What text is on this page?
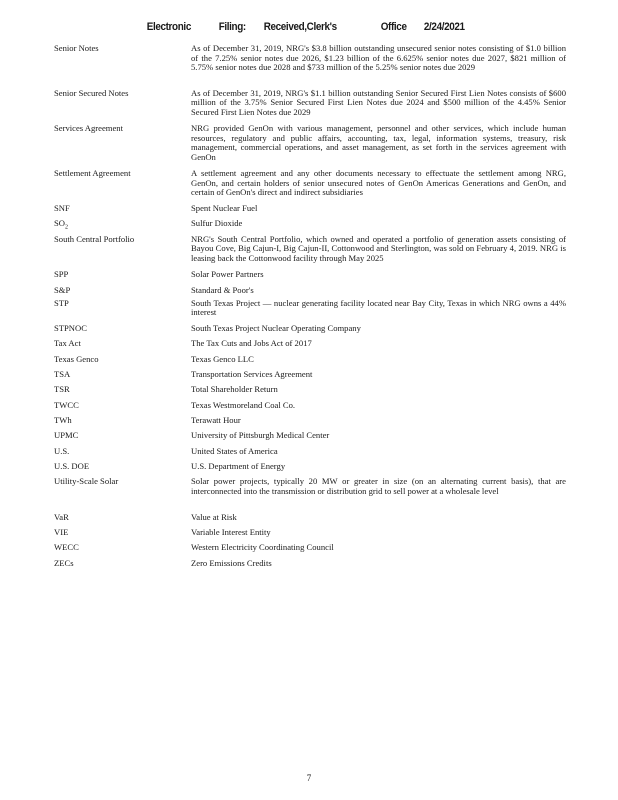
Electronic	Filing: Received,Clerk's	Office 2/24/2021
Senior Notes	As of December 31, 2019, NRG's $3.8 billion outstanding unsecured senior notes consisting of $1.0 billion of the 7.25% senior notes due 2026, $1.23 billion of the 6.625% senior notes due 2027, $821 million of 5.75% senior notes due 2028 and $733 million of the 5.25% senior notes due 2029
Senior Secured Notes	As of December 31, 2019, NRG's $1.1 billion outstanding Senior Secured First Lien Notes consists of $600 million of the 3.75% Senior Secured First Lien Notes due 2024 and $500 million of the 4.45% Senior Secured First Lien Notes due 2029
Services Agreement	NRG provided GenOn with various management, personnel and other services, which include human resources, regulatory and public affairs, accounting, tax, legal, information systems, treasury, risk management, commercial operations, and asset management, as set forth in the services agreement with GenOn
Settlement Agreement	A settlement agreement and any other documents necessary to effectuate the settlement among NRG, GenOn, and certain holders of senior unsecured notes of GenOn Americas Generations and GenOn, and certain of GenOn's direct and indirect subsidiaries
SNF	Spent Nuclear Fuel
$SO_2$	Sulfur Dioxide
South Central Portfolio	NRG's South Central Portfolio, which owned and operated a portfolio of generation assets consisting of Bayou Cove, Big Cajun-I, Big Cajun-II, Cottonwood and Sterlington, was sold on February 4, 2019. NRG is leasing back the Cottonwood facility through May 2025
SPP	Solar Power Partners
S&P	Standard & Poor's
STP	South Texas Project — nuclear generating facility located near Bay City, Texas in which NRG owns a 44% interest
STPNOC	South Texas Project Nuclear Operating Company
Tax Act	The Tax Cuts and Jobs Act of 2017
Texas Genco	Texas Genco LLC
TSA	Transportation Services Agreement
TSR	Total Shareholder Return
TWCC	Texas Westmoreland Coal Co.
TWh	Terawatt Hour
UPMC	University of Pittsburgh Medical Center
U.S.	United States of America
U.S. DOE	U.S. Department of Energy
Utility-Scale Solar	Solar power projects, typically 20 MW or greater in size (on an alternating current basis), that are interconnected into the transmission or distribution grid to sell power at a wholesale level
VaR	Value at Risk
VIE	Variable Interest Entity
WECC	Western Electricity Coordinating Council
ZECs	Zero Emissions Credits
7
